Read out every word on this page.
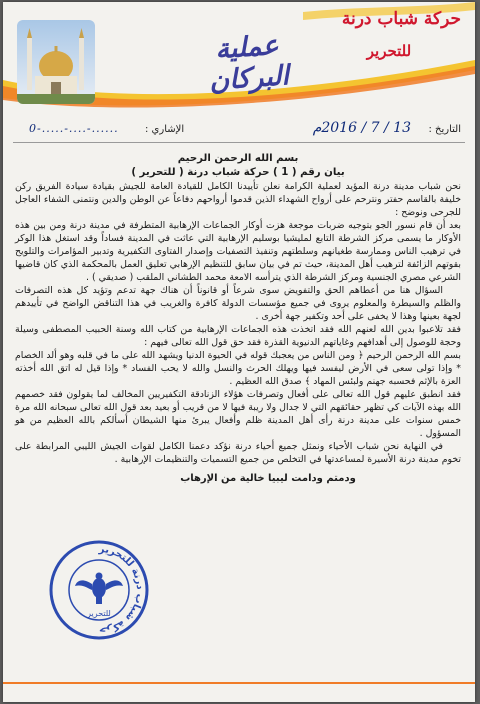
حركة شباب درنة
للتحرير
عملية البركان
التاريخ :
13 / 7 / 2016م
الإشاري :
......-....-.....-0

بسم الله الرحمن الرحيم

بيان رقم ( 1 ) حركة شباب درنة ( للتحرير )

نحن شباب مدينة درنة المؤيد لعملية الكرامة نعلن تأييدنا الكامل للقيادة العامة للجيش بقيادة سيادة الفريق ركن خليفة بالقاسم حفتر ونترحم على أرواح الشهداء الذين قدموا أرواحهم دفاعاً عن الوطن والدين ونتمنى الشفاء العاجل للجرحى ونوضح :

بعد أن قام نسور الجو بتوجيه ضربات موجعة هزت أوكار الجماعات الإرهابية المتطرفة في مدينة درنة ومن بين هذه الأوكار ما يسمى مركز الشرطة التابع لمليشيا بوسليم الإرهابية التي عاثت في المدينة فساداً وقد استغل هذا الوكر في ترهيب الناس وممارسة طغيانهم وسلطتهم وتنفيذ التصفيات وإصدار الفتاوى التكفيرية وتدبير المؤامرات والتلويح بقوتهم الزائفة لترهيب أهل المدينة، حيث تم في بيان سابق للتنظيم الإرهابي تعليق العمل بالمحكمة الذي كان قاضيها الشرعي مصري الجنسية ومركز الشرطة الذي يترأسه الامعة محمد الطشاني الملقب ( صديقي ) .

السؤال هنا من أعطاهم الحق والتفويض سوى شرعاً أو قانوناً أن هناك جهة تدعم وتؤيد كل هذه التصرفات والظلم والسيطرة والمعلوم يروى في جميع مؤسسات الدولة كافرة والغريب في هذا التناقض الواضح في تأييدهم لجهة بعينها وهذا لا يخفى على أحد وتكفير جهة أخرى .

فقد تلاعبوا بدين الله لعنهم الله فقد اتخذت هذه الجماعات الإرهابية من كتاب الله وسنة الحبيب المصطفى وسيلة وحجة للوصول إلى أهدافهم وغاياتهم الدنيوية القذرة فقد حق قول الله تعالى فيهم :

بسم الله الرحمن الرحيم ﴿ ومن الناس من يعجبك قوله في الحيوة الدنيا ويشهد الله على ما في قلبه وهو ألد الخصام * وإذا تولى سعى في الأرض ليفسد فيها ويهلك الحرث والنسل والله لا يحب الفساد * وإذا قيل له اتق الله أخذته العزة بالإثم فحسبه جهنم ولبئس المهاد ﴾ صدق الله العظيم .

فقد انطبق عليهم قول الله تعالى على أفعال وتصرفات هؤلاء الزنادقة التكفيريين المخالف لما يقولون فقد خصمهم الله بهذه الآيات كي تظهر حقائقهم التي لا جدال ولا ريبة فيها لا من قريب أو بعيد بعد قول الله تعالى سبحانه الله مرة خمس سنوات على مدينة درنة رأى أهل المدينة ظلم وأفعال يبرئ منها الشيطان أسألكم بالله العظيم من هو المسؤول .

في النهاية نحن شباب الأحياء ونمثل جميع أحياء درنة نؤكد دعمنا الكامل لقوات الجيش الليبي المرابطة على تخوم مدينة درنة الأسيرة لمساعدتها في التخلص من جميع التسميات والتنظيمات الإرهابية .

ودمتم ودامت ليبيا خالية من الإرهاب

حركة شباب درنة للتحرير
للتحرير
